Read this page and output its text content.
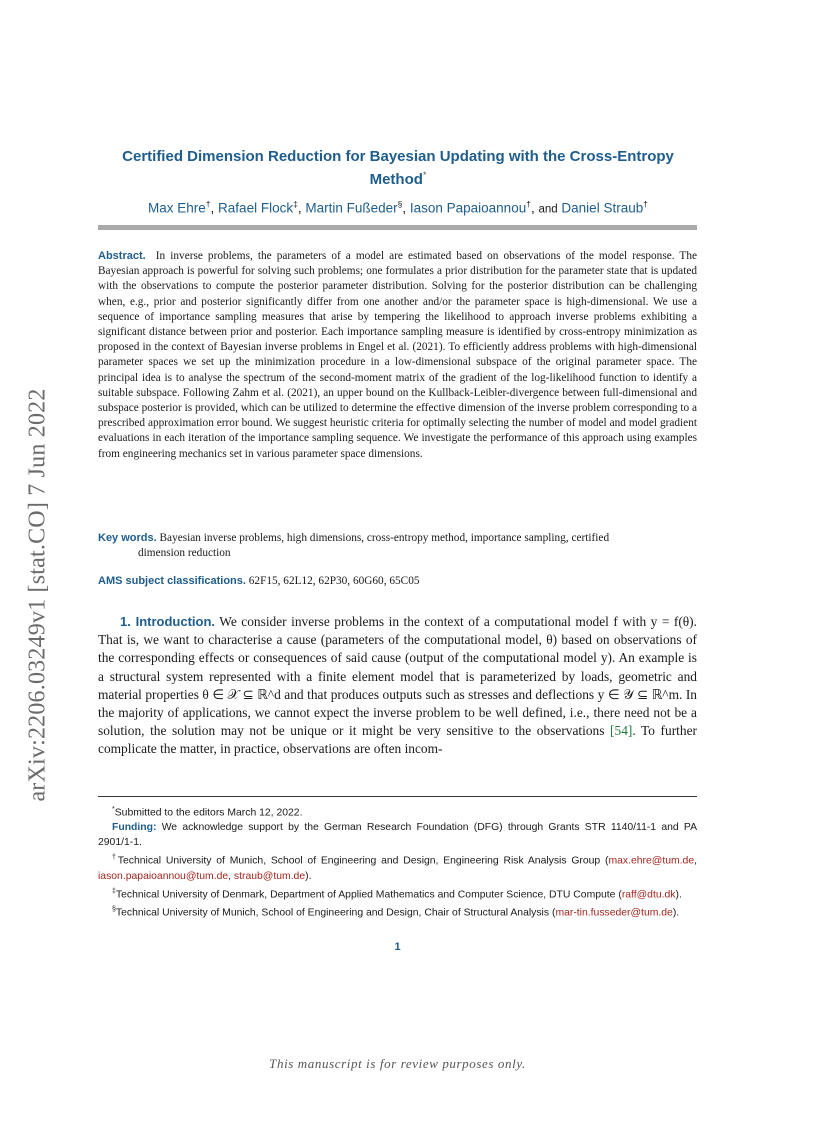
arXiv:2206.03249v1 [stat.CO] 7 Jun 2022
Certified Dimension Reduction for Bayesian Updating with the Cross-Entropy Method*
Max Ehre†, Rafael Flock‡, Martin Fußeder§, Iason Papaioannou†, and Daniel Straub†
Abstract. In inverse problems, the parameters of a model are estimated based on observations of the model response. The Bayesian approach is powerful for solving such problems; one formulates a prior distribution for the parameter state that is updated with the observations to compute the posterior parameter distribution. Solving for the posterior distribution can be challenging when, e.g., prior and posterior significantly differ from one another and/or the parameter space is high-dimensional. We use a sequence of importance sampling measures that arise by tempering the likelihood to approach inverse problems exhibiting a significant distance between prior and posterior. Each importance sampling measure is identified by cross-entropy minimization as proposed in the context of Bayesian inverse problems in Engel et al. (2021). To efficiently address problems with high-dimensional parameter spaces we set up the minimization procedure in a low-dimensional subspace of the original parameter space. The principal idea is to analyse the spectrum of the second-moment matrix of the gradient of the log-likelihood function to identify a suitable subspace. Following Zahm et al. (2021), an upper bound on the Kullback-Leibler-divergence between full-dimensional and subspace posterior is provided, which can be utilized to determine the effective dimension of the inverse problem corresponding to a prescribed approximation error bound. We suggest heuristic criteria for optimally selecting the number of model and model gradient evaluations in each iteration of the importance sampling sequence. We investigate the performance of this approach using examples from engineering mechanics set in various parameter space dimensions.
Key words. Bayesian inverse problems, high dimensions, cross-entropy method, importance sampling, certified
dimension reduction
AMS subject classifications. 62F15, 62L12, 62P30, 60G60, 65C05
1. Introduction. We consider inverse problems in the context of a computational model f with y = f(θ). That is, we want to characterise a cause (parameters of the computational model, θ) based on observations of the corresponding effects or consequences of said cause (output of the computational model y). An example is a structural system represented with a finite element model that is parameterized by loads, geometric and material properties θ ∈ 𝒳 ⊆ ℝ^d and that produces outputs such as stresses and deflections y ∈ 𝒴 ⊆ ℝ^m. In the majority of applications, we cannot expect the inverse problem to be well defined, i.e., there need not be a solution, the solution may not be unique or it might be very sensitive to the observations [54]. To further complicate the matter, in practice, observations are often incom-

*Submitted to the editors March 12, 2022.

Funding: We acknowledge support by the German Research Foundation (DFG) through Grants STR 1140/11-1 and PA 2901/1-1.

†Technical University of Munich, School of Engineering and Design, Engineering Risk Analysis Group (max.ehre@tum.de, iason.papaioannou@tum.de, straub@tum.de).

‡Technical University of Denmark, Department of Applied Mathematics and Computer Science, DTU Compute (raff@dtu.dk).

§Technical University of Munich, School of Engineering and Design, Chair of Structural Analysis (mar-tin.fusseder@tum.de).

1
This manuscript is for review purposes only.
